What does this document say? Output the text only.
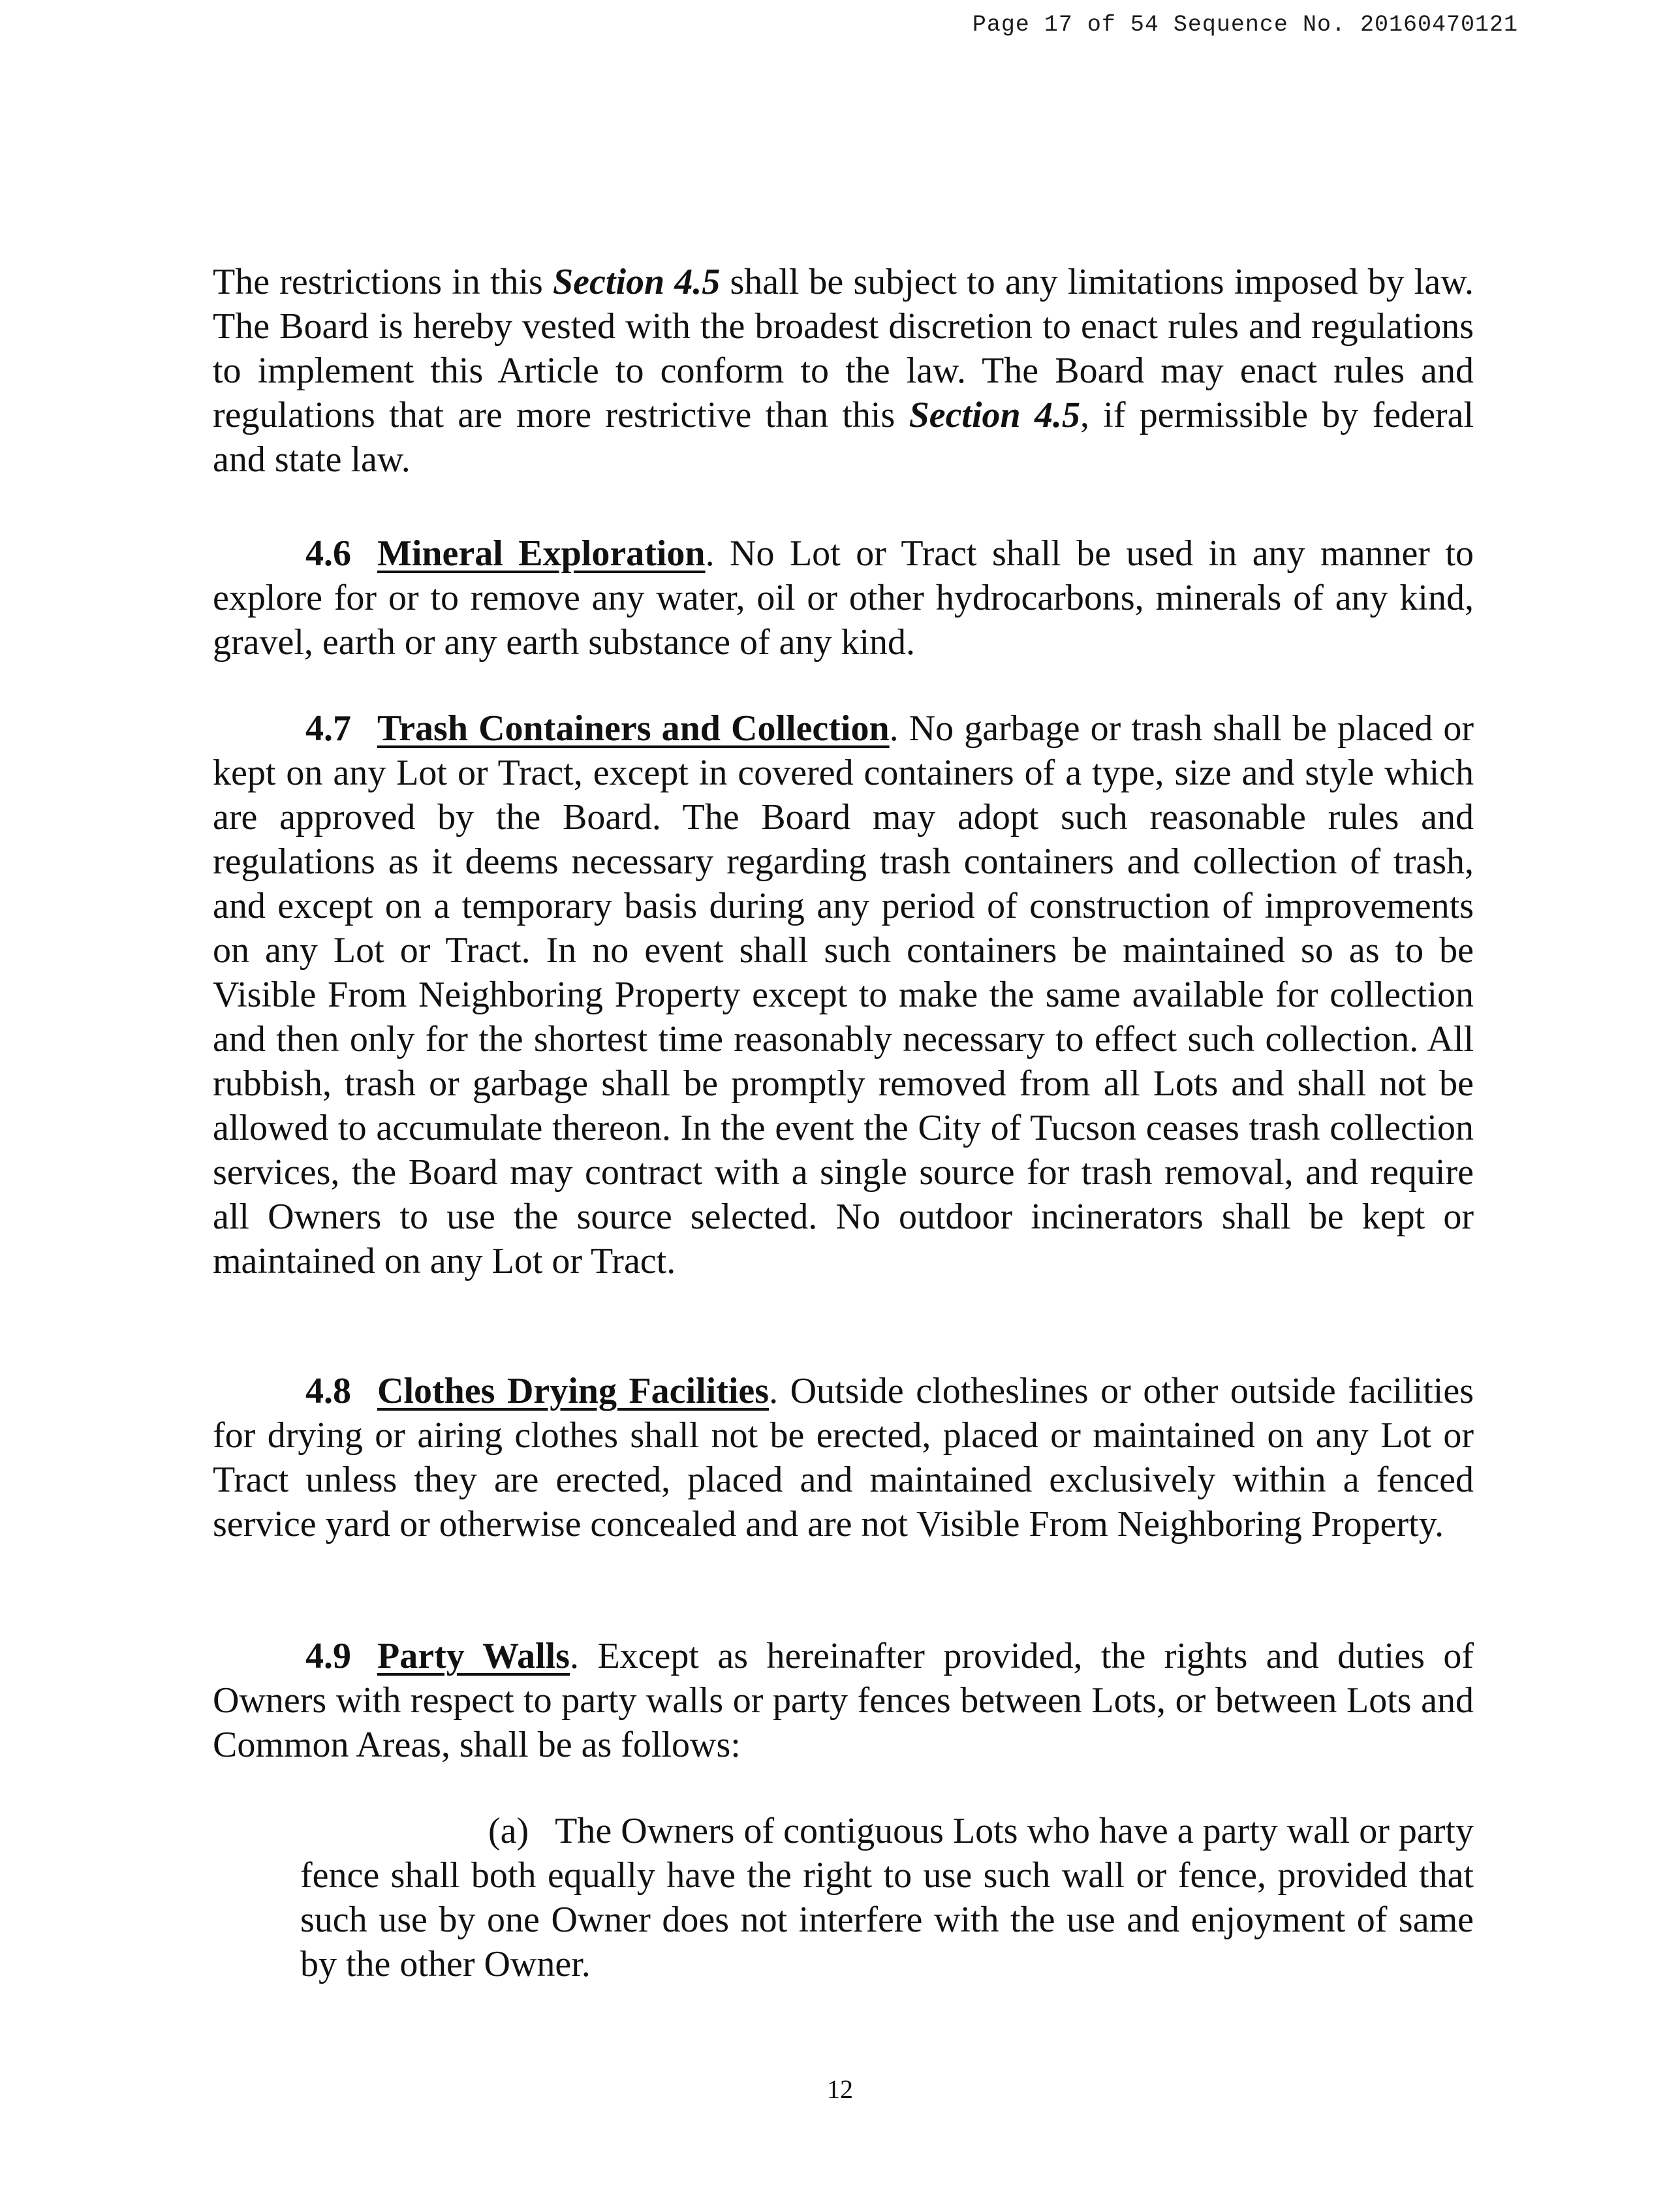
Page 17 of 54 Sequence No. 20160470121

The restrictions in this Section 4.5 shall be subject to any limitations imposed by law. The Board is hereby vested with the broadest discretion to enact rules and regulations to implement this Article to conform to the law. The Board may enact rules and regulations that are more restrictive than this Section 4.5, if permissible by federal and state law.

4.6 Mineral Exploration. No Lot or Tract shall be used in any manner to explore for or to remove any water, oil or other hydrocarbons, minerals of any kind, gravel, earth or any earth substance of any kind.

4.7 Trash Containers and Collection. No garbage or trash shall be placed or kept on any Lot or Tract, except in covered containers of a type, size and style which are approved by the Board. The Board may adopt such reasonable rules and regulations as it deems necessary regarding trash containers and collection of trash, and except on a temporary basis during any period of construction of improvements on any Lot or Tract. In no event shall such containers be maintained so as to be Visible From Neighboring Property except to make the same available for collection and then only for the shortest time reasonably necessary to effect such collection. All rubbish, trash or garbage shall be promptly removed from all Lots and shall not be allowed to accumulate thereon. In the event the City of Tucson ceases trash collection services, the Board may contract with a single source for trash removal, and require all Owners to use the source selected. No outdoor incinerators shall be kept or maintained on any Lot or Tract.

4.8 Clothes Drying Facilities. Outside clotheslines or other outside facilities for drying or airing clothes shall not be erected, placed or maintained on any Lot or Tract unless they are erected, placed and maintained exclusively within a fenced service yard or otherwise concealed and are not Visible From Neighboring Property.

4.9 Party Walls. Except as hereinafter provided, the rights and duties of Owners with respect to party walls or party fences between Lots, or between Lots and Common Areas, shall be as follows:

(a) The Owners of contiguous Lots who have a party wall or party fence shall both equally have the right to use such wall or fence, provided that such use by one Owner does not interfere with the use and enjoyment of same by the other Owner.

12
